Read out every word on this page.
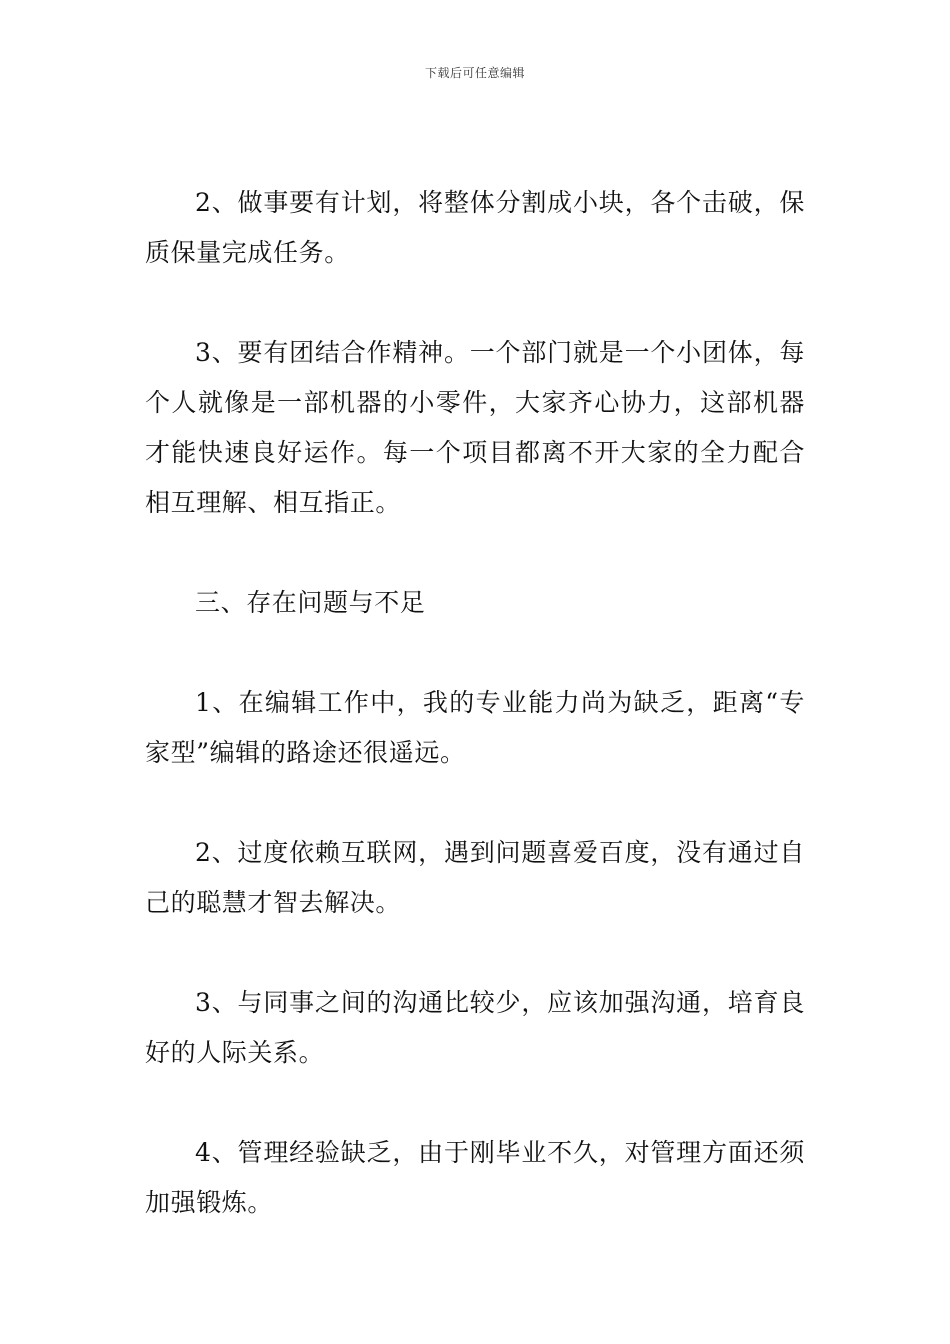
下载后可任意编辑

2、做事要有计划，将整体分割成小块，各个击破，保质保量完成任务。

3、要有团结合作精神。一个部门就是一个小团体，每个人就像是一部机器的小零件，大家齐心协力，这部机器才能快速良好运作。每一个项目都离不开大家的全力配合相互理解、相互指正。

三、存在问题与不足

1、在编辑工作中，我的专业能力尚为缺乏，距离“专家型”编辑的路途还很遥远。

2、过度依赖互联网，遇到问题喜爱百度，没有通过自己的聪慧才智去解决。

3、与同事之间的沟通比较少，应该加强沟通，培育良好的人际关系。

4、管理经验缺乏，由于刚毕业不久，对管理方面还须加强锻炼。
